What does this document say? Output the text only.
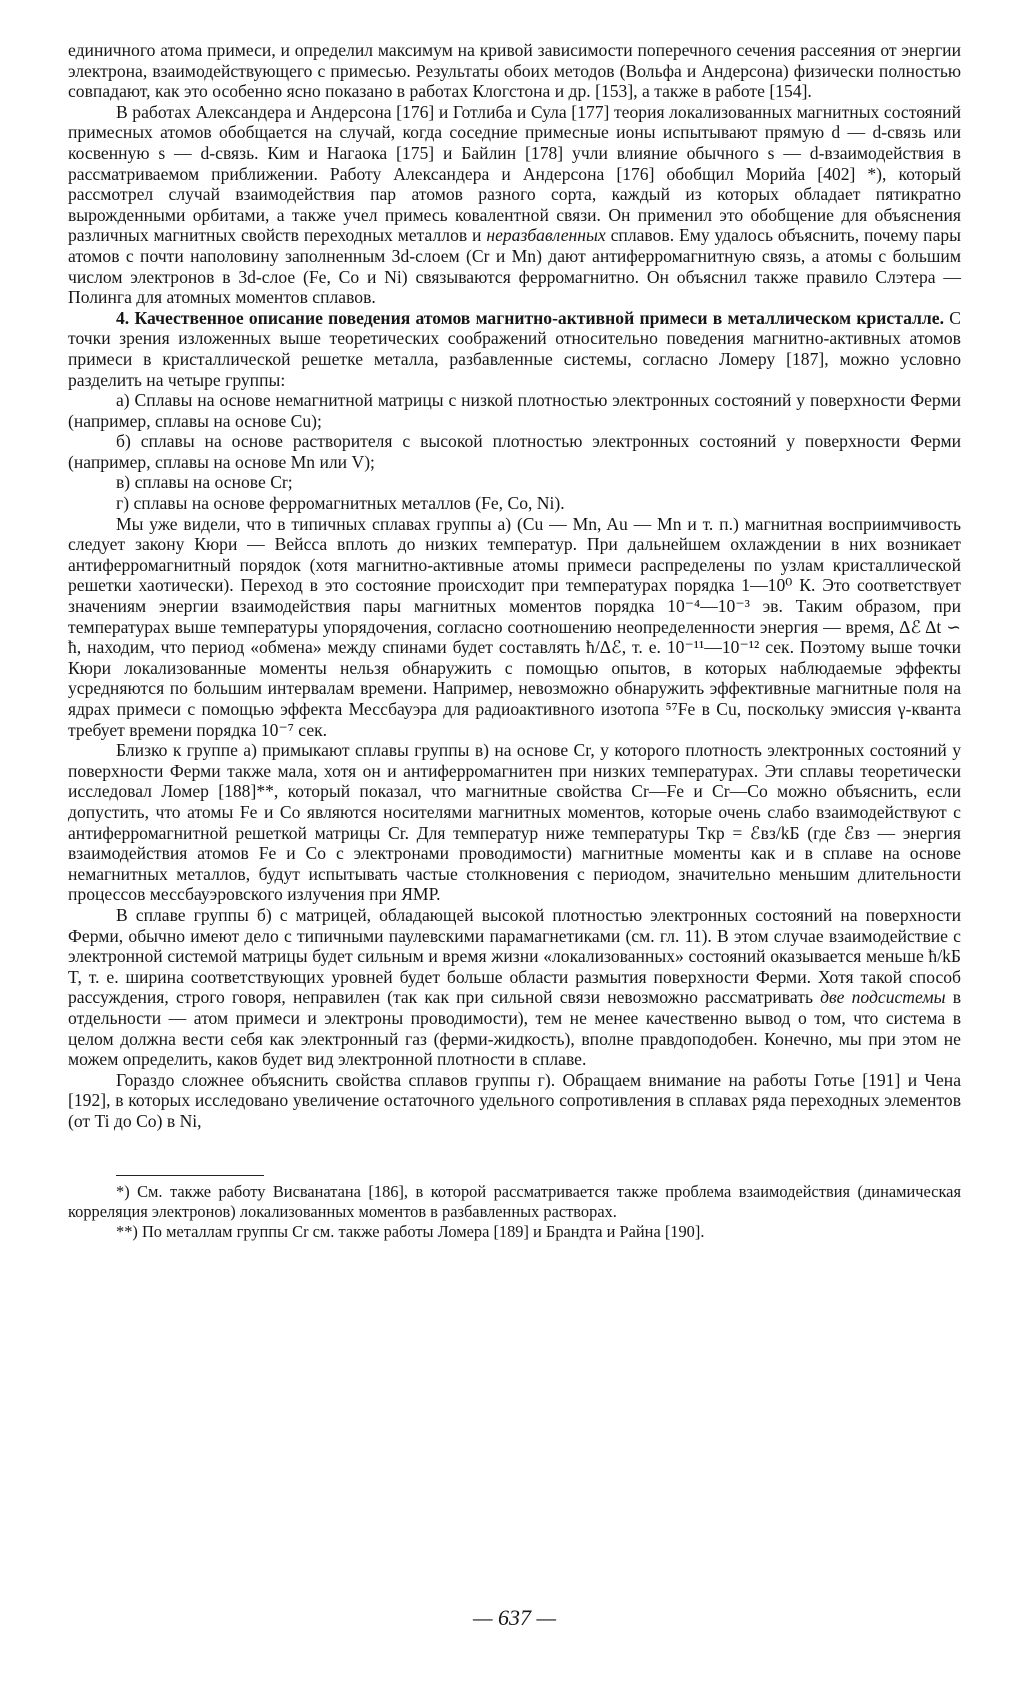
единичного атома примеси, и определил максимум на кривой зависимости поперечного сечения рассеяния от энергии электрона, взаимодействующего с примесью. Результаты обоих методов (Вольфа и Андерсона) физически полностью совпадают, как это особенно ясно показано в работах Клогстона и др. [153], а также в работе [154].

В работах Александера и Андерсона [176] и Готлиба и Сула [177] теория локализованных магнитных состояний примесных атомов обобщается на случай, когда соседние примесные ионы испытывают прямую d — d-связь или косвенную s — d-связь. Ким и Нагаока [175] и Байлин [178] учли влияние обычного s — d-взаимодействия в рассматриваемом приближении. Работу Александера и Андерсона [176] обобщил Морийа [402] *), который рассмотрел случай взаимодействия пар атомов разного сорта, каждый из которых обладает пятикратно вырожденными орбитами, а также учел примесь ковалентной связи. Он применил это обобщение для объяснения различных магнитных свойств переходных металлов и неразбавленных сплавов. Ему удалось объяснить, почему пары атомов с почти наполовину заполненным 3d-слоем (Cr и Mn) дают антиферромагнитную связь, а атомы с большим числом электронов в 3d-слое (Fe, Co и Ni) связываются ферромагнитно. Он объяснил также правило Слэтера — Полинга для атомных моментов сплавов.

4. Качественное описание поведения атомов магнитно-активной примеси в металлическом кристалле. С точки зрения изложенных выше теоретических соображений относительно поведения магнитно-активных атомов примеси в кристаллической решетке металла, разбавленные системы, согласно Ломеру [187], можно условно разделить на четыре группы:

а) Сплавы на основе немагнитной матрицы с низкой плотностью электронных состояний у поверхности Ферми (например, сплавы на основе Cu);

б) сплавы на основе растворителя с высокой плотностью электронных состояний у поверхности Ферми (например, сплавы на основе Mn или V);

в) сплавы на основе Cr;

г) сплавы на основе ферромагнитных металлов (Fe, Co, Ni).

Мы уже видели, что в типичных сплавах группы а) (Cu — Mn, Au — Mn и т. п.) магнитная восприимчивость следует закону Кюри — Вейсса вплоть до низких температур. При дальнейшем охлаждении в них возникает антиферромагнитный порядок (хотя магнитно-активные атомы примеси распределены по узлам кристаллической решетки хаотически). Переход в это состояние происходит при температурах порядка 1—10⁰ К. Это соответствует значениям энергии взаимодействия пары магнитных моментов порядка 10⁻⁴—10⁻³ эв. Таким образом, при температурах выше температуры упорядочения, согласно соотношению неопределенности энергия — время, Δℰ Δt ∽ ħ, находим, что период «обмена» между спинами будет составлять ħ/Δℰ, т. е. 10⁻¹¹—10⁻¹² сек. Поэтому выше точки Кюри локализованные моменты нельзя обнаружить с помощью опытов, в которых наблюдаемые эффекты усредняются по большим интервалам времени. Например, невозможно обнаружить эффективные магнитные поля на ядрах примеси с помощью эффекта Мессбауэра для радиоактивного изотопа ⁵⁷Fe в Cu, поскольку эмиссия γ-кванта требует времени порядка 10⁻⁷ сек.

Близко к группе а) примыкают сплавы группы в) на основе Cr, у которого плотность электронных состояний у поверхности Ферми также мала, хотя он и антиферромагнитен при низких температурах. Эти сплавы теоретически исследовал Ломер [188]**, который показал, что магнитные свойства Cr—Fe и Cr—Co можно объяснить, если допустить, что атомы Fe и Co являются носителями магнитных моментов, которые очень слабо взаимодействуют с антиферромагнитной решеткой матрицы Cr. Для температур ниже температуры Tкр = ℰвз/kБ (где ℰвз — энергия взаимодействия атомов Fe и Co с электронами проводимости) магнитные моменты как и в сплаве на основе немагнитных металлов, будут испытывать частые столкновения с периодом, значительно меньшим длительности процессов мессбауэровского излучения при ЯМР.

В сплаве группы б) с матрицей, обладающей высокой плотностью электронных состояний на поверхности Ферми, обычно имеют дело с типичными паулевскими парамагнетиками (см. гл. 11). В этом случае взаимодействие с электронной системой матрицы будет сильным и время жизни «локализованных» состояний оказывается меньше ħ/kБ T, т. е. ширина соответствующих уровней будет больше области размытия поверхности Ферми. Хотя такой способ рассуждения, строго говоря, неправилен (так как при сильной связи невозможно рассматривать две подсистемы в отдельности — атом примеси и электроны проводимости), тем не менее качественно вывод о том, что система в целом должна вести себя как электронный газ (ферми-жидкость), вполне правдоподобен. Конечно, мы при этом не можем определить, каков будет вид электронной плотности в сплаве.

Гораздо сложнее объяснить свойства сплавов группы г). Обращаем внимание на работы Готье [191] и Чена [192], в которых исследовано увеличение остаточного удельного сопротивления в сплавах ряда переходных элементов (от Ti до Co) в Ni,

*) См. также работу Висванатана [186], в которой рассматривается также проблема взаимодействия (динамическая корреляция электронов) локализованных моментов в разбавленных растворах.

**) По металлам группы Cr см. также работы Ломера [189] и Брандта и Райна [190].

— 637 —
